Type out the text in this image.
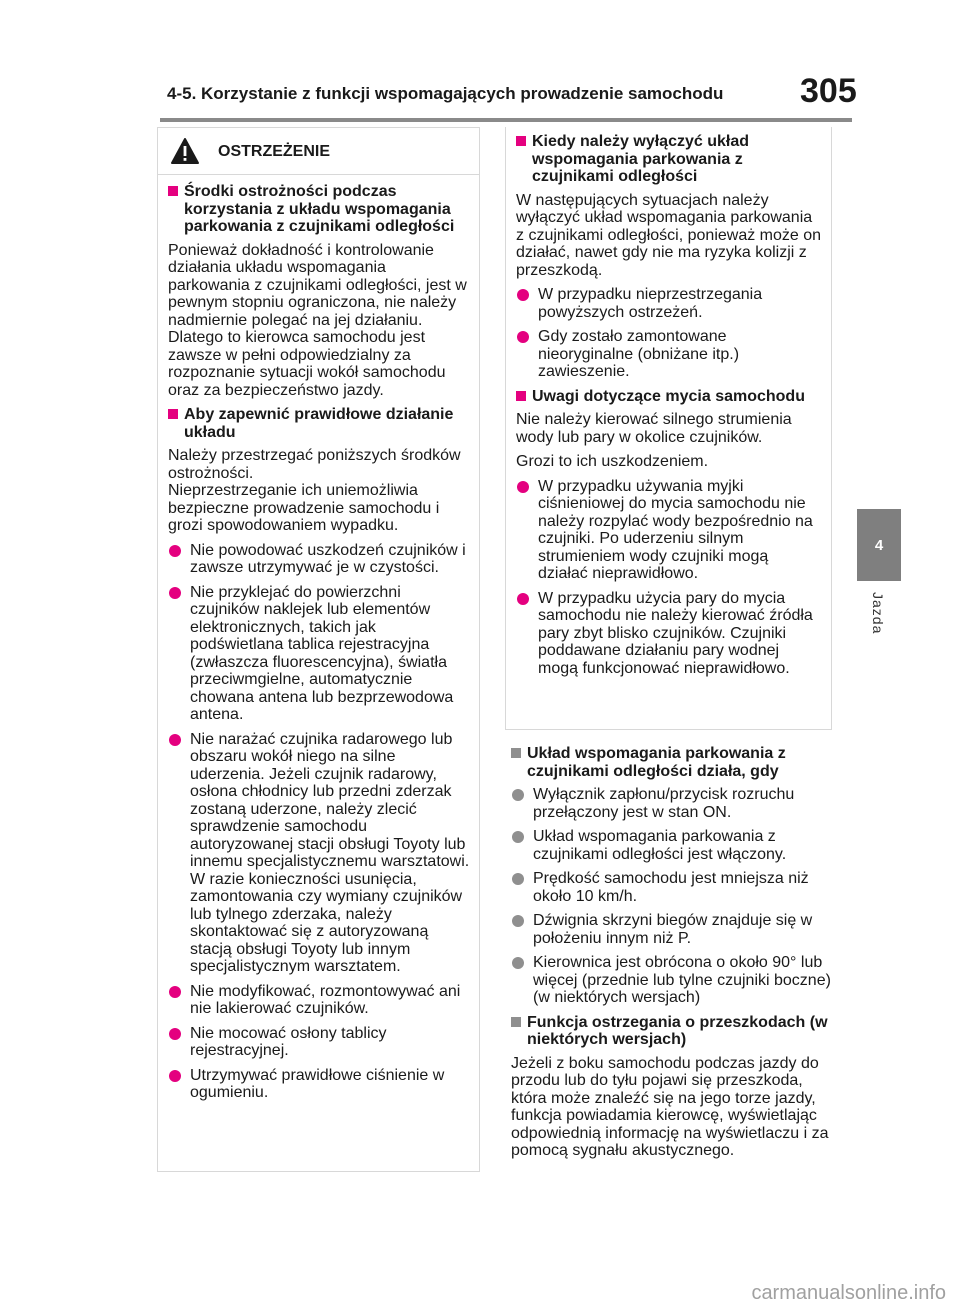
4-5. Korzystanie z funkcji wspomagających prowadzenie samochodu 305
4
Jazda
OSTRZEŻENIE
Środki ostrożności podczas korzystania z układu wspomagania parkowania z czujnikami odległości
Ponieważ dokładność i kontrolowanie działania układu wspomagania parkowania z czujnikami odległości, jest w pewnym stopniu ograniczona, nie należy nadmiernie polegać na jej działaniu. Dlatego to kierowca samochodu jest zawsze w pełni odpowiedzialny za rozpoznanie sytuacji wokół samochodu oraz za bezpieczeństwo jazdy.
Aby zapewnić prawidłowe działanie układu
Należy przestrzegać poniższych środków ostrożności.
Nieprzestrzeganie ich uniemożliwia bezpieczne prowadzenie samochodu i grozi spowodowaniem wypadku.
Nie powodować uszkodzeń czujników i zawsze utrzymywać je w czystości.
Nie przyklejać do powierzchni czujników naklejek lub elementów elektronicznych, takich jak podświetlana tablica rejestracyjna (zwłaszcza fluorescencyjna), światła przeciwmgielne, automatycznie chowana antena lub bezprzewodowa antena.
Nie narażać czujnika radarowego lub obszaru wokół niego na silne uderzenia. Jeżeli czujnik radarowy, osłona chłodnicy lub przedni zderzak zostaną uderzone, należy zlecić sprawdzenie samochodu autoryzowanej stacji obsługi Toyoty lub innemu specjalistycznemu warsztatowi. W razie konieczności usunięcia, zamontowania czy wymiany czujników lub tylnego zderzaka, należy skontaktować się z autoryzowaną stacją obsługi Toyoty lub innym specjalistycznym warsztatem.
Nie modyfikować, rozmontowywać ani nie lakierować czujników.
Nie mocować osłony tablicy rejestracyjnej.
Utrzymywać prawidłowe ciśnienie w ogumieniu.
Kiedy należy wyłączyć układ wspomagania parkowania z czujnikami odległości
W następujących sytuacjach należy wyłączyć układ wspomagania parkowania z czujnikami odległości, ponieważ może on działać, nawet gdy nie ma ryzyka kolizji z przeszkodą.
W przypadku nieprzestrzegania powyższych ostrzeżeń.
Gdy zostało zamontowane nieoryginalne (obniżane itp.) zawieszenie.
Uwagi dotyczące mycia samochodu
Nie należy kierować silnego strumienia wody lub pary w okolice czujników.
Grozi to ich uszkodzeniem.
W przypadku używania myjki ciśnieniowej do mycia samochodu nie należy rozpylać wody bezpośrednio na czujniki. Po uderzeniu silnym strumieniem wody czujniki mogą działać nieprawidłowo.
W przypadku użycia pary do mycia samochodu nie należy kierować źródła pary zbyt blisko czujników. Czujniki poddawane działaniu pary wodnej mogą funkcjonować nieprawidłowo.
Układ wspomagania parkowania z czujnikami odległości działa, gdy
Wyłącznik zapłonu/przycisk rozruchu przełączony jest w stan ON.
Układ wspomagania parkowania z czujnikami odległości jest włączony.
Prędkość samochodu jest mniejsza niż około 10 km/h.
Dźwignia skrzyni biegów znajduje się w położeniu innym niż P.
Kierownica jest obrócona o około 90° lub więcej (przednie lub tylne czujniki boczne) (w niektórych wersjach)
Funkcja ostrzegania o przeszkodach (w niektórych wersjach)
Jeżeli z boku samochodu podczas jazdy do przodu lub do tyłu pojawi się przeszkoda, która może znaleźć się na jego torze jazdy, funkcja powiadamia kierowcę, wyświetlając odpowiednią informację na wyświetlaczu i za pomocą sygnału akustycznego.
carmanualsonline.info
